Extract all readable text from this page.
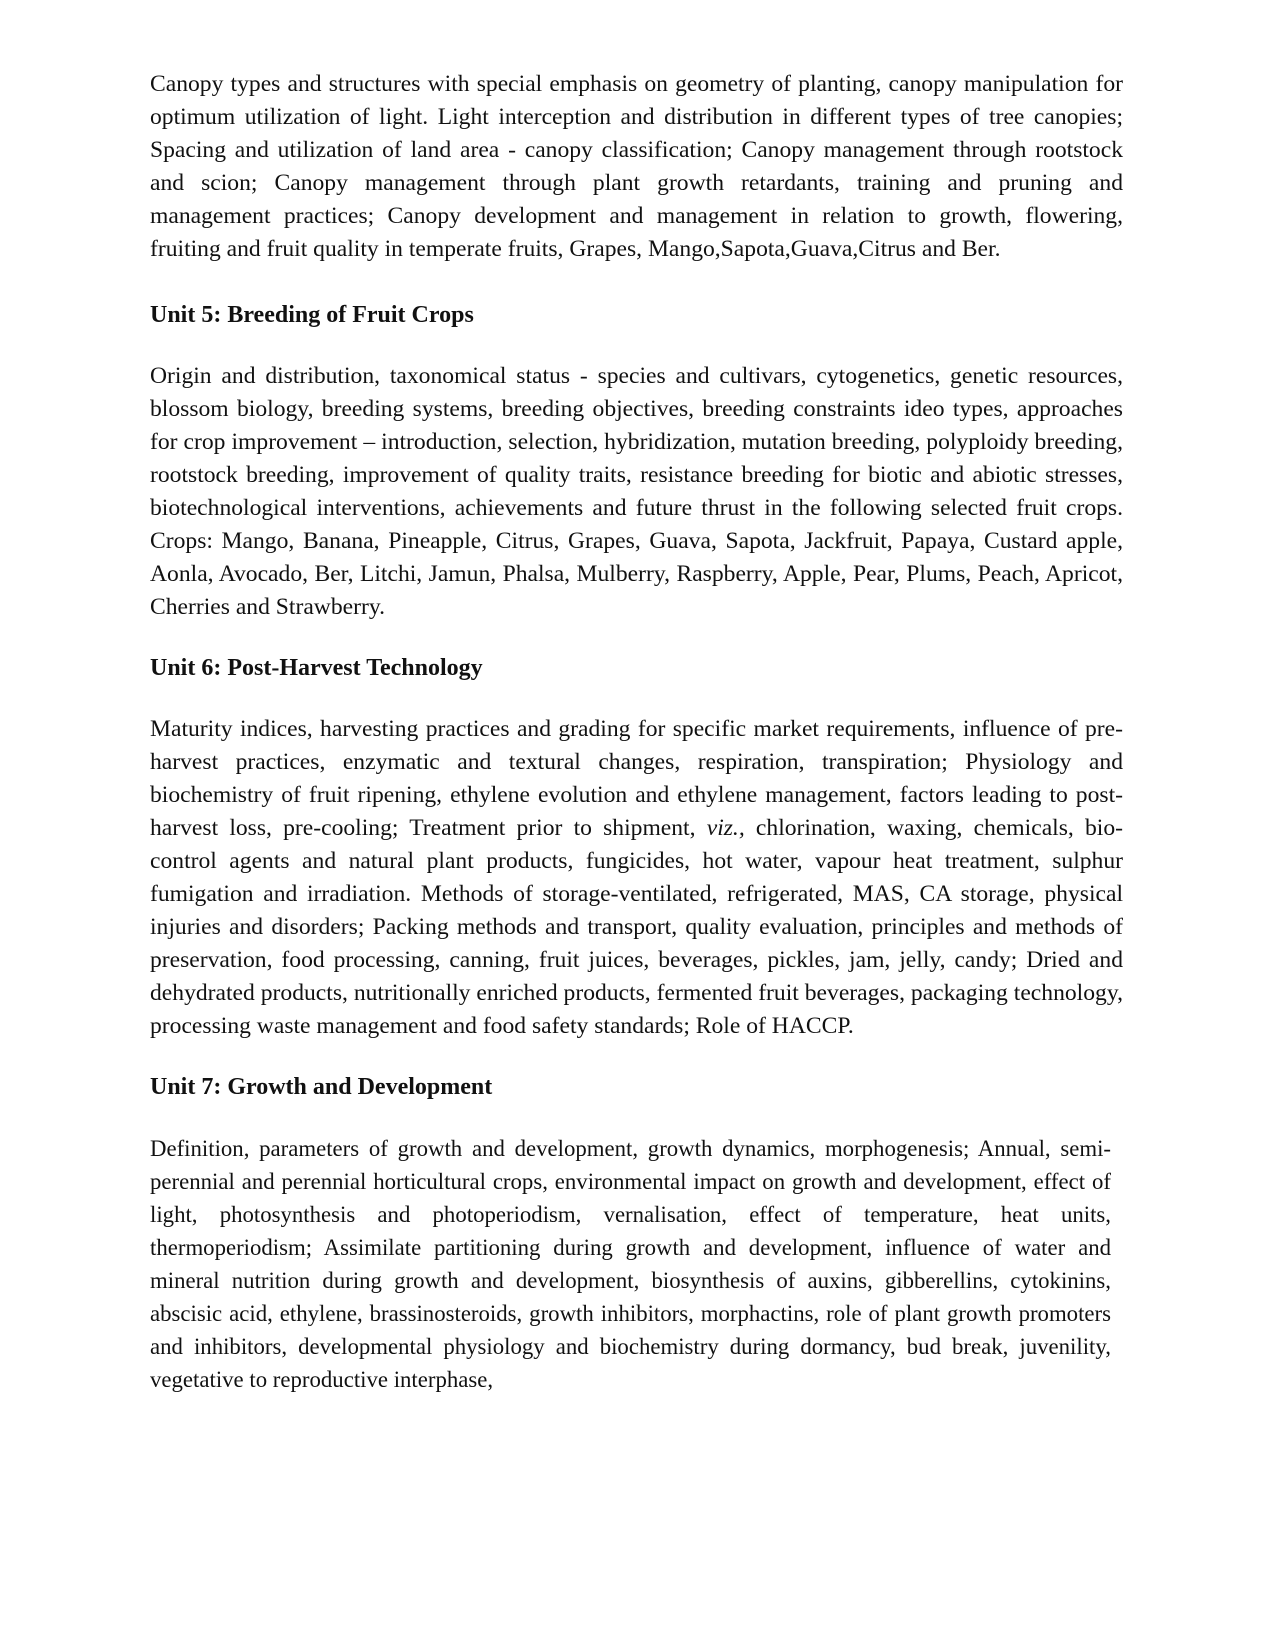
Canopy types and structures with special emphasis on geometry of planting, canopy manipulation for optimum utilization of light. Light interception and distribution in different types of tree canopies; Spacing and utilization of land area - canopy classification; Canopy management through rootstock and scion; Canopy management through plant growth retardants, training and pruning and management practices; Canopy development and management in relation to growth, flowering, fruiting and fruit quality in temperate fruits, Grapes, Mango,Sapota,Guava,Citrus and Ber.

Unit 5: Breeding of Fruit Crops

Origin and distribution, taxonomical status - species and cultivars, cytogenetics, genetic resources, blossom biology, breeding systems, breeding objectives, breeding constraints ideo types, approaches for crop improvement – introduction, selection, hybridization, mutation breeding, polyploidy breeding, rootstock breeding, improvement of quality traits, resistance breeding for biotic and abiotic stresses, biotechnological interventions, achievements and future thrust in the following selected fruit crops. Crops: Mango, Banana, Pineapple, Citrus, Grapes, Guava, Sapota, Jackfruit, Papaya, Custard apple, Aonla, Avocado, Ber, Litchi, Jamun, Phalsa, Mulberry, Raspberry, Apple, Pear, Plums, Peach, Apricot, Cherries and Strawberry.

Unit 6: Post-Harvest Technology

Maturity indices, harvesting practices and grading for specific market requirements, influence of pre-harvest practices, enzymatic and textural changes, respiration, transpiration; Physiology and biochemistry of fruit ripening, ethylene evolution and ethylene management, factors leading to post-harvest loss, pre-cooling; Treatment prior to shipment, viz., chlorination, waxing, chemicals, bio-control agents and natural plant products, fungicides, hot water, vapour heat treatment, sulphur fumigation and irradiation. Methods of storage-ventilated, refrigerated, MAS, CA storage, physical injuries and disorders; Packing methods and transport, quality evaluation, principles and methods of preservation, food processing, canning, fruit juices, beverages, pickles, jam, jelly, candy; Dried and dehydrated products, nutritionally enriched products, fermented fruit beverages, packaging technology, processing waste management and food safety standards; Role of HACCP.

Unit 7: Growth and Development

Definition, parameters of growth and development, growth dynamics, morphogenesis; Annual, semi-perennial and perennial horticultural crops, environmental impact on growth and development, effect of light, photosynthesis and photoperiodism, vernalisation, effect of temperature, heat units, thermoperiodism; Assimilate partitioning during growth and development, influence of water and mineral nutrition during growth and development, biosynthesis of auxins, gibberellins, cytokinins, abscisic acid, ethylene, brassinosteroids, growth inhibitors, morphactins, role of plant growth promoters and inhibitors, developmental physiology and biochemistry during dormancy, bud break, juvenility, vegetative to reproductive interphase,
